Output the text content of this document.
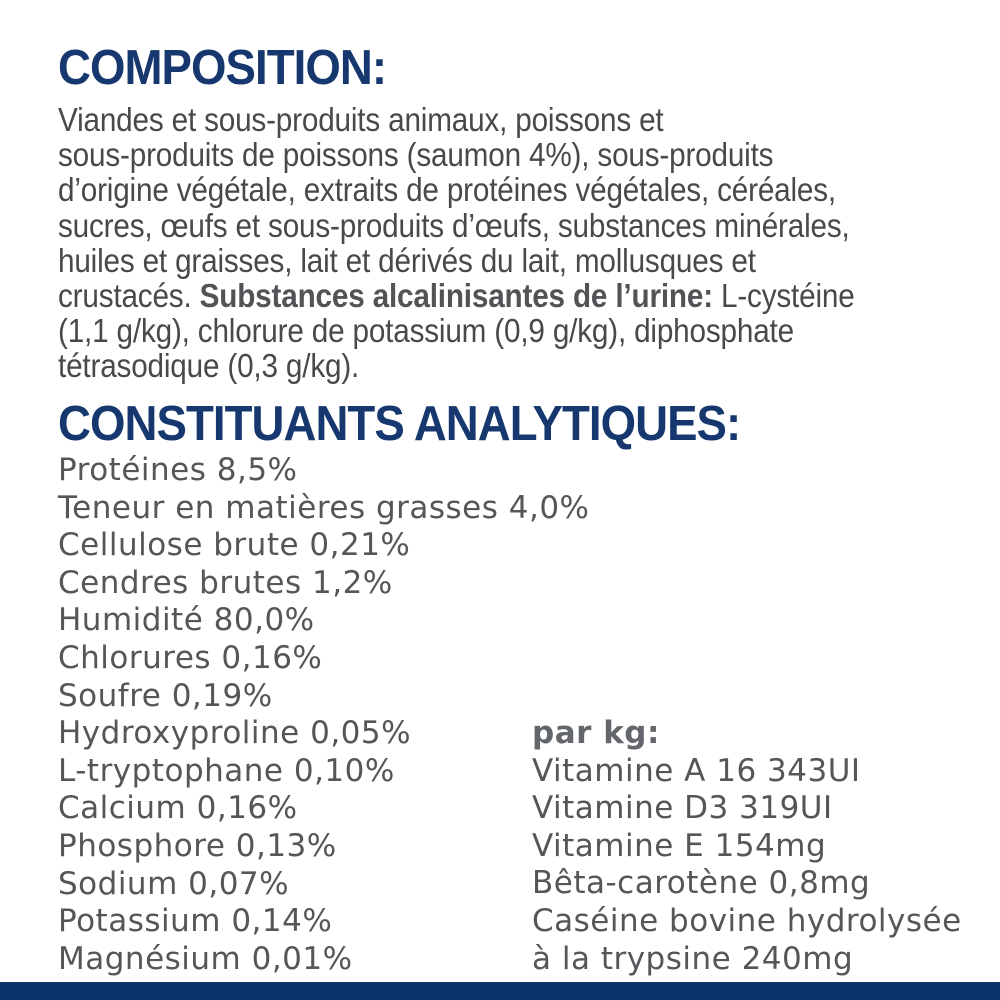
COMPOSITION:
Viandes et sous-produits animaux, poissons et
sous-produits de poissons (saumon 4%), sous-produits
d’origine végétale, extraits de protéines végétales, céréales,
sucres, œufs et sous-produits d’œufs, substances minérales,
huiles et graisses, lait et dérivés du lait, mollusques et
crustacés. Substances alcalinisantes de l’urine: L-cystéine
(1,1 g/kg), chlorure de potassium (0,9 g/kg), diphosphate
tétrasodique (0,3 g/kg).
CONSTITUANTS ANALYTIQUES:
Protéines 8,5%
Teneur en matières grasses 4,0%
Cellulose brute 0,21%
Cendres brutes 1,2%
Humidité 80,0%
Chlorures 0,16%
Soufre 0,19%
Hydroxyproline 0,05%
L-tryptophane 0,10%
Calcium 0,16%
Phosphore 0,13%
Sodium 0,07%
Potassium 0,14%
Magnésium 0,01%
par kg:
Vitamine A 16 343UI
Vitamine D3 319UI
Vitamine E 154mg
Bêta-carotène 0,8mg
Caséine bovine hydrolysée
à la trypsine 240mg
